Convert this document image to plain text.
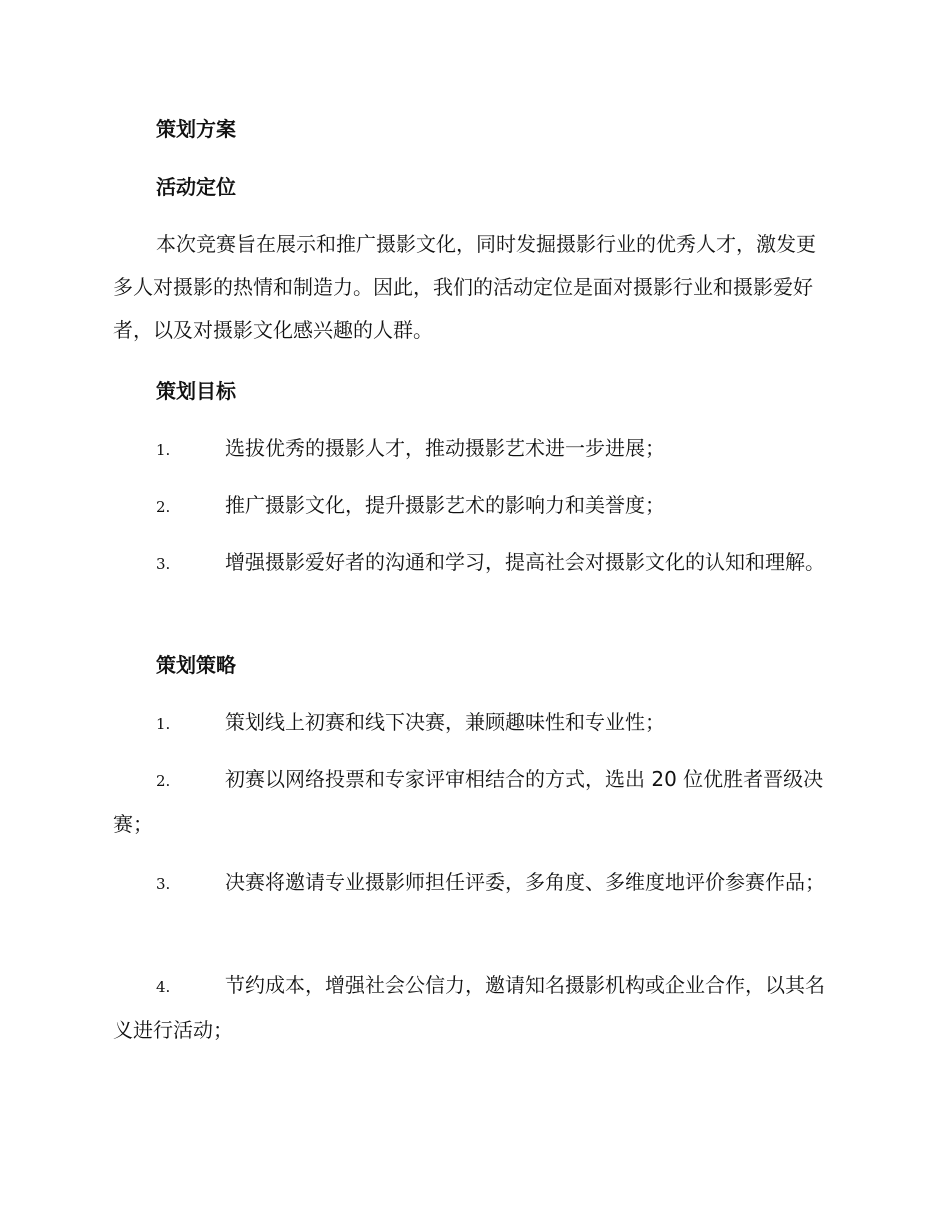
策划方案
活动定位
本次竞赛旨在展示和推广摄影文化，同时发掘摄影行业的优秀人才，激发更多人对摄影的热情和制造力。因此，我们的活动定位是面对摄影行业和摄影爱好者，以及对摄影文化感兴趣的人群。
策划目标
1.	选拔优秀的摄影人才，推动摄影艺术进一步进展；
2.	推广摄影文化，提升摄影艺术的影响力和美誉度；
3.	增强摄影爱好者的沟通和学习，提高社会对摄影文化的认知和理解。
策划策略
1.	策划线上初赛和线下决赛，兼顾趣味性和专业性；
2.	初赛以网络投票和专家评审相结合的方式，选出 20 位优胜者晋级决赛；
3.	决赛将邀请专业摄影师担任评委，多角度、多维度地评价参赛作品；
4.	节约成本，增强社会公信力，邀请知名摄影机构或企业合作，以其名义进行活动；
